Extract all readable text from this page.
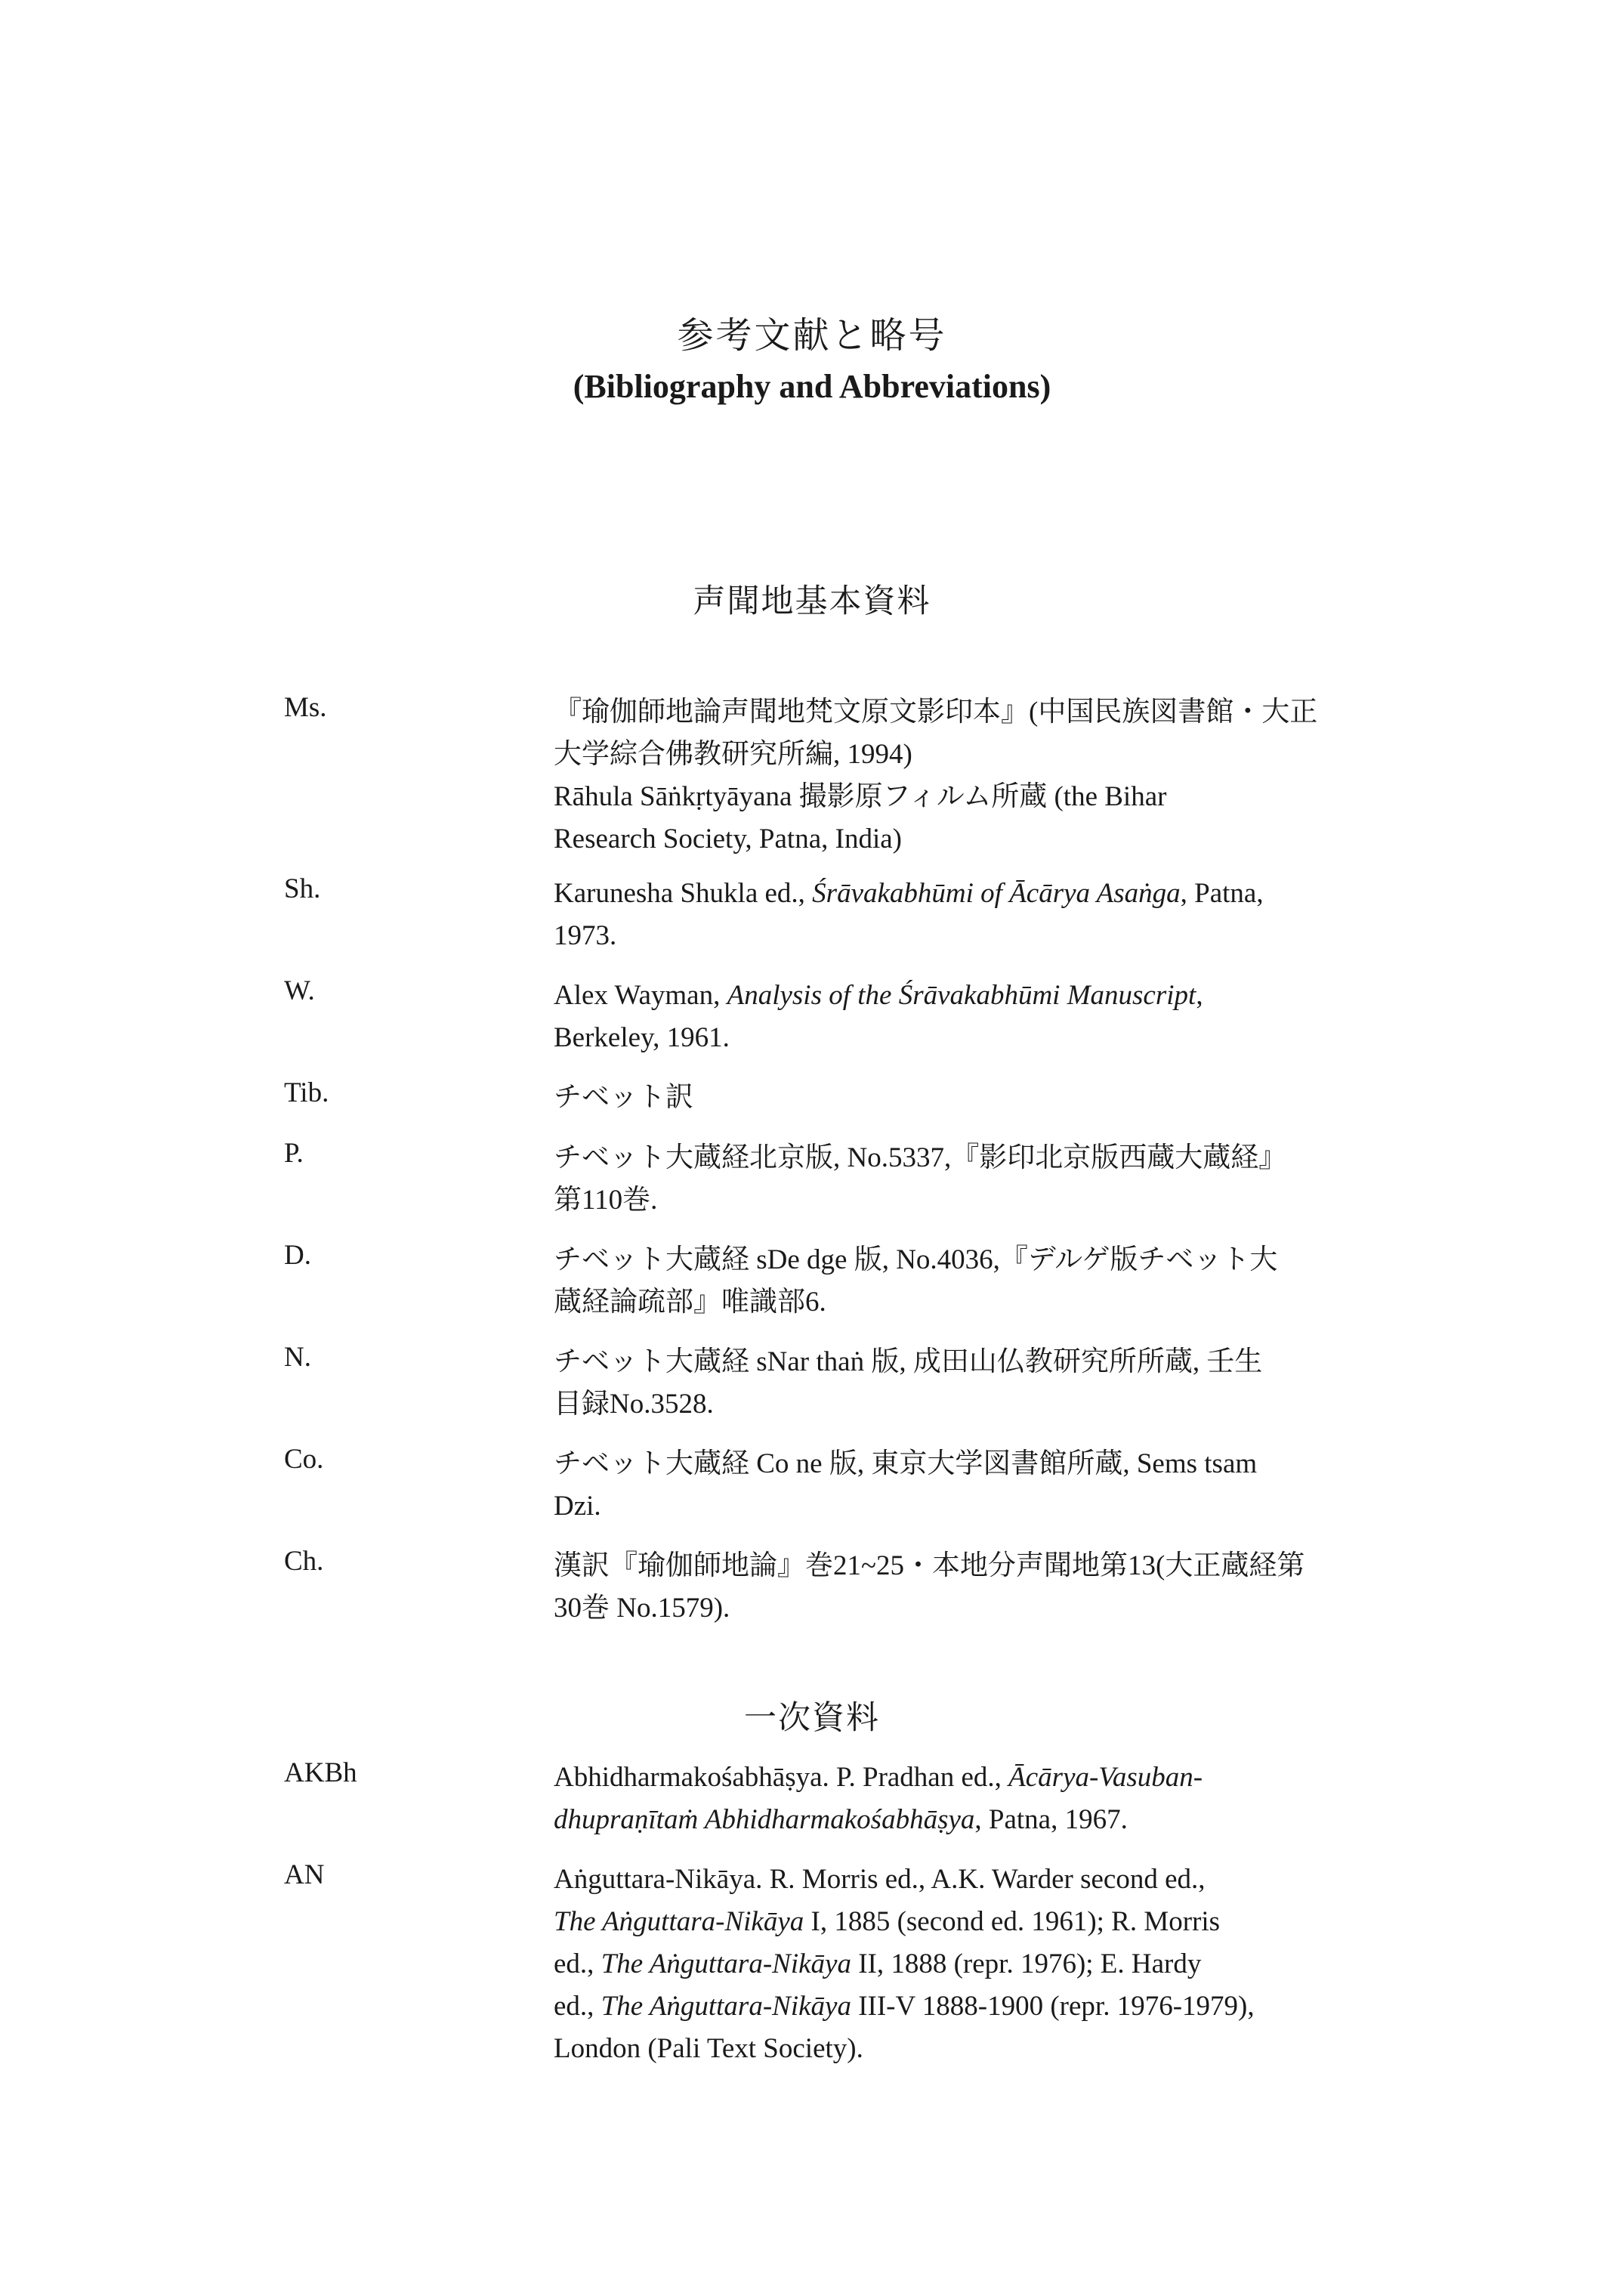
参考文献と略号
(Bibliography and Abbreviations)
声聞地基本資料
Ms.	『瑜伽師地論声聞地梵文原文影印本』(中国民族図書館・大正
大学綜合佛教研究所編, 1994)
Rāhula Sāṅkṛtyāyana 撮影原フィルム所蔵 (the Bihar
Research Society, Patna, India)
Sh.	Karunesha Shukla ed., Śrāvakabhūmi of Ācārya Asaṅga, Patna,
1973.
W.	Alex Wayman, Analysis of the Śrāvakabhūmi Manuscript,
Berkeley, 1961.
Tib.	チベット訳
P.	チベット大蔵経北京版, No.5337,『影印北京版西蔵大蔵経』
第110巻.
D.	チベット大蔵経 sDe dge 版, No.4036,『デルゲ版チベット大
蔵経論疏部』唯識部6.
N.	チベット大蔵経 sNar thaṅ 版, 成田山仏教研究所所蔵, 壬生
目録No.3528.
Co.	チベット大蔵経 Co ne 版, 東京大学図書館所蔵, Sems tsam
Dzi.
Ch.	漢訳『瑜伽師地論』巻21~25・本地分声聞地第13(大正蔵経第
30巻 No.1579).
一次資料
AKBh	Abhidharmakośabhāṣya. P. Pradhan ed., Ācārya-Vasuban-
dhupraṇītaṁ Abhidharmakośabhāṣya, Patna, 1967.
AN	Aṅguttara-Nikāya. R. Morris ed., A.K. Warder second ed.,
The Aṅguttara-Nikāya I, 1885 (second ed. 1961); R. Morris
ed., The Aṅguttara-Nikāya II, 1888 (repr. 1976); E. Hardy
ed., The Aṅguttara-Nikāya III-V 1888-1900 (repr. 1976-1979),
London (Pali Text Society).
